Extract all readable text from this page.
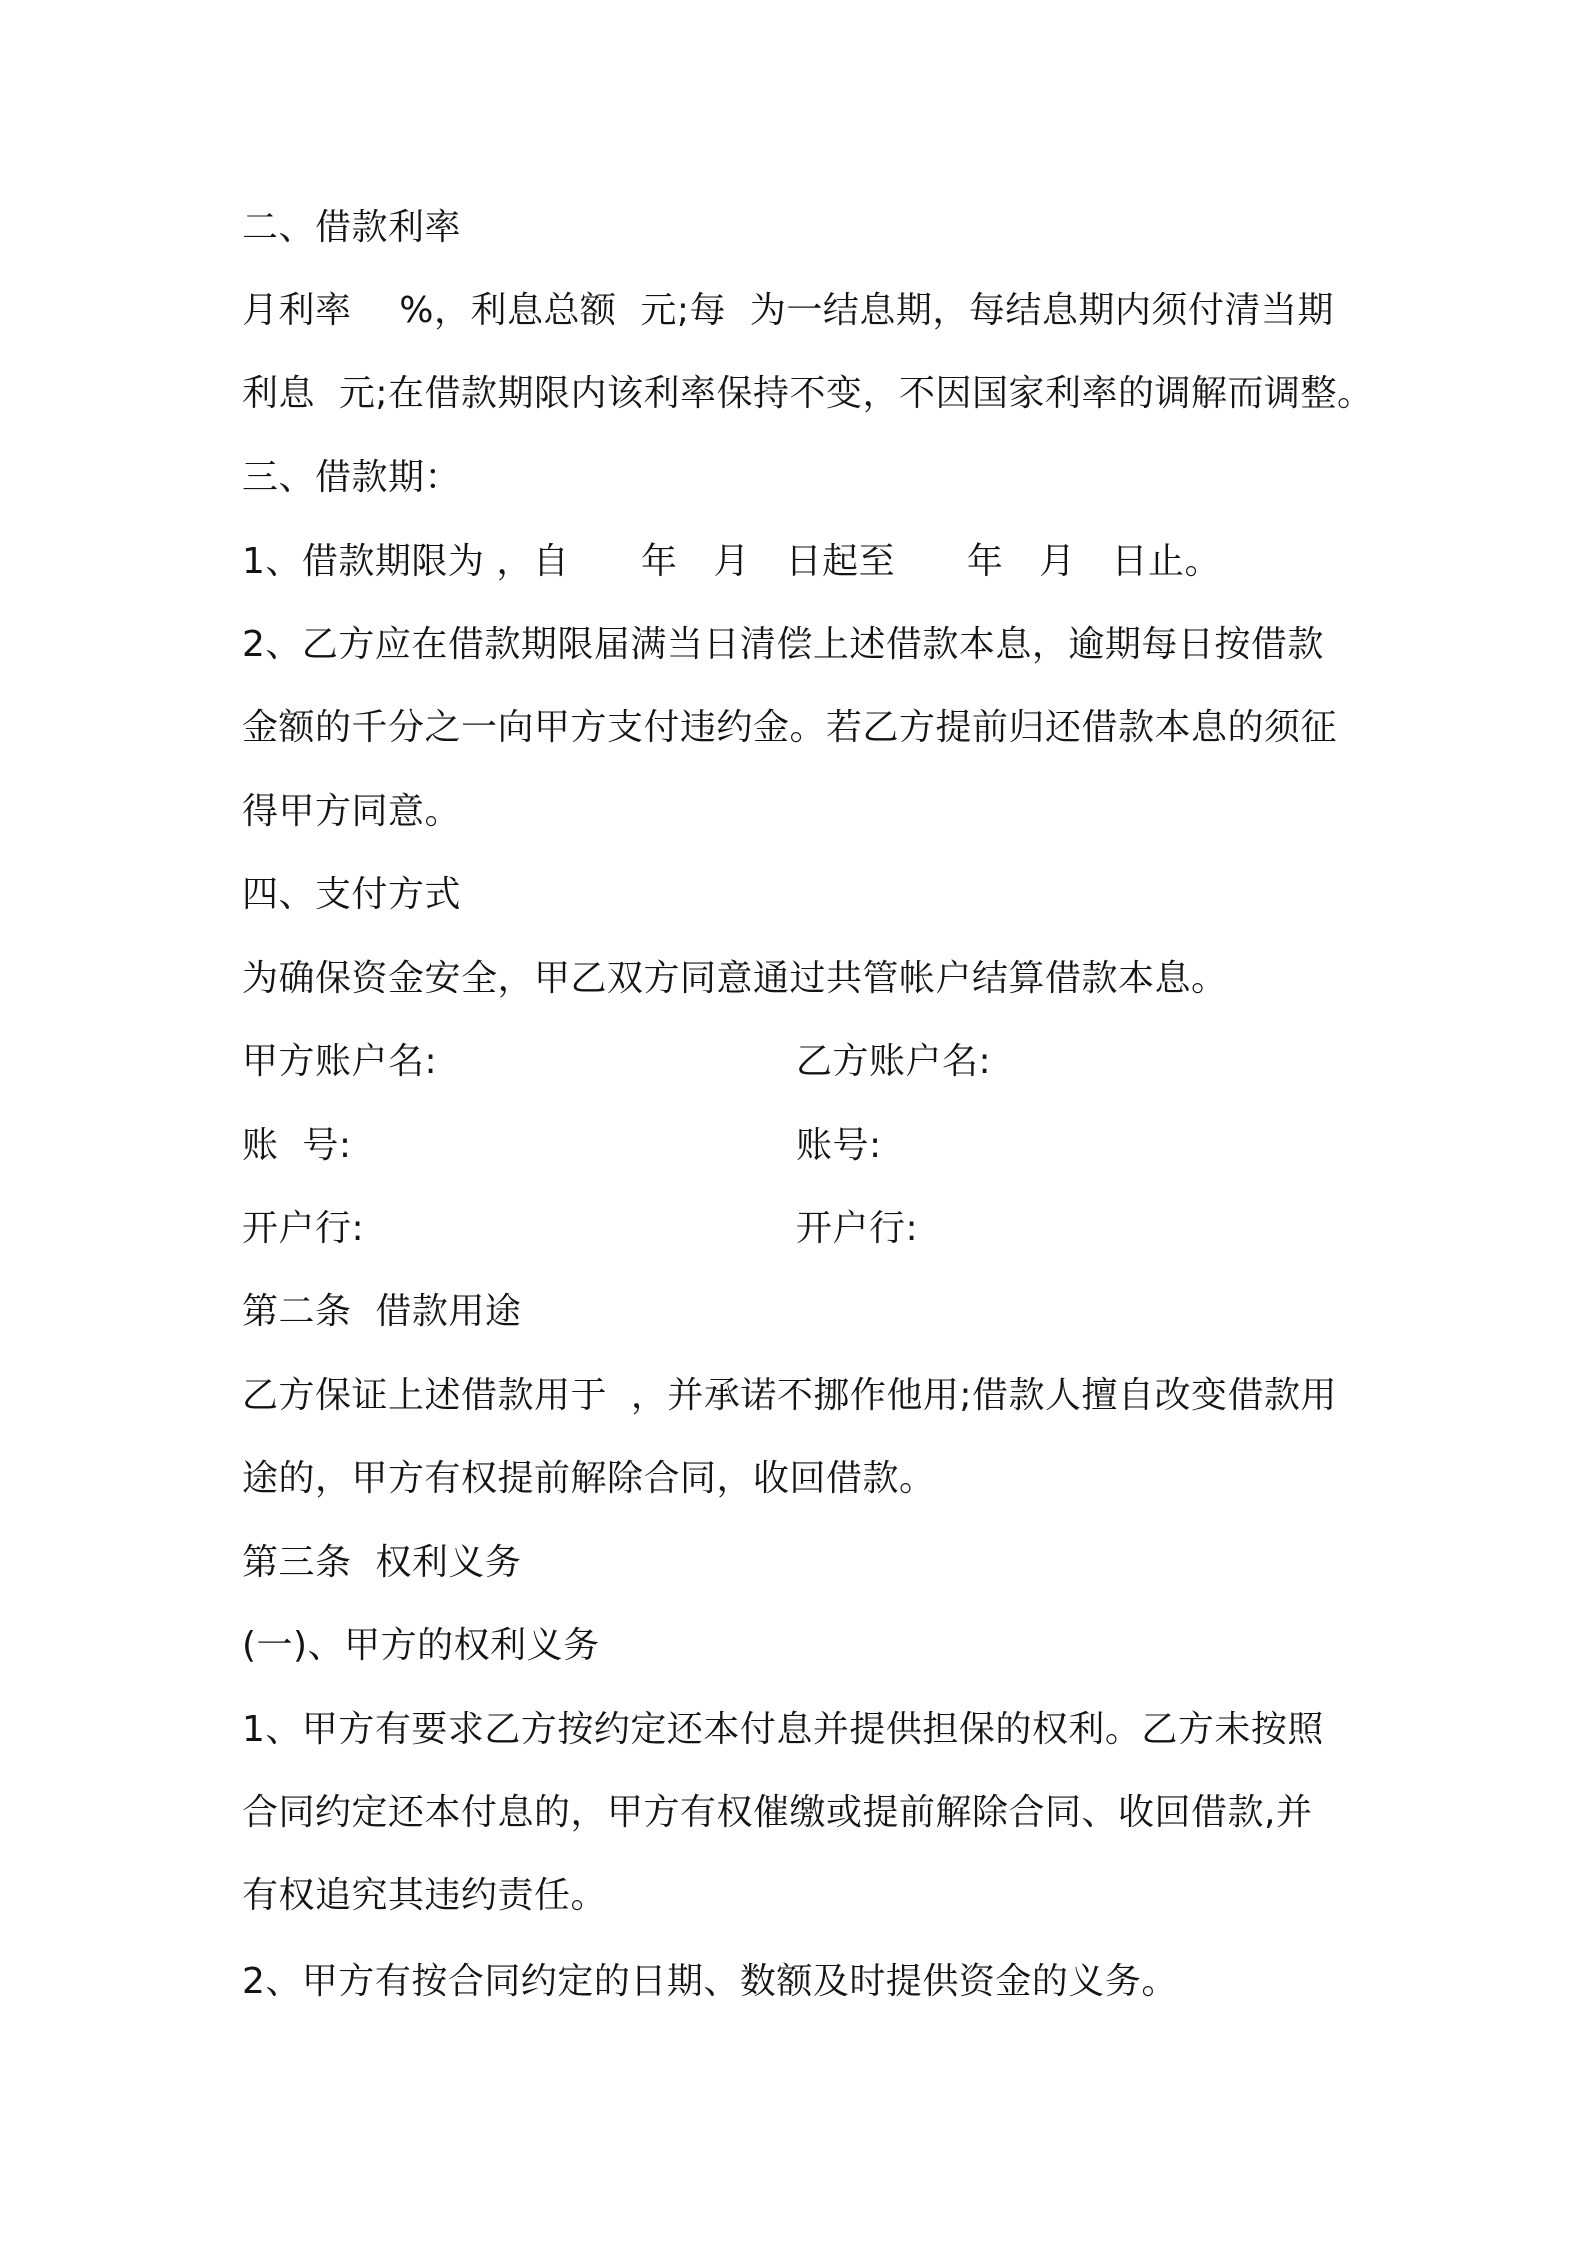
二、借款利率
月利率    %，利息总额  元;每  为一结息期，每结息期内须付清当期
利息  元;在借款期限内该利率保持不变，不因国家利率的调解而调整。
三、借款期：
1、借款期限为 ，自      年   月   日起至      年   月   日止。
2、乙方应在借款期限届满当日清偿上述借款本息，逾期每日按借款
金额的千分之一向甲方支付违约金。若乙方提前归还借款本息的须征
得甲方同意。
四、支付方式
为确保资金安全，甲乙双方同意通过共管帐户结算借款本息。
甲方账户名:	乙方账户名:
账  号:	账号:
开户行:	开户行:
第二条  借款用途
乙方保证上述借款用于  ，并承诺不挪作他用;借款人擅自改变借款用
途的，甲方有权提前解除合同，收回借款。
第三条  权利义务
(一)、甲方的权利义务
1、甲方有要求乙方按约定还本付息并提供担保的权利。乙方未按照
合同约定还本付息的，甲方有权催缴或提前解除合同、收回借款,并
有权追究其违约责任。
2、甲方有按合同约定的日期、数额及时提供资金的义务。
